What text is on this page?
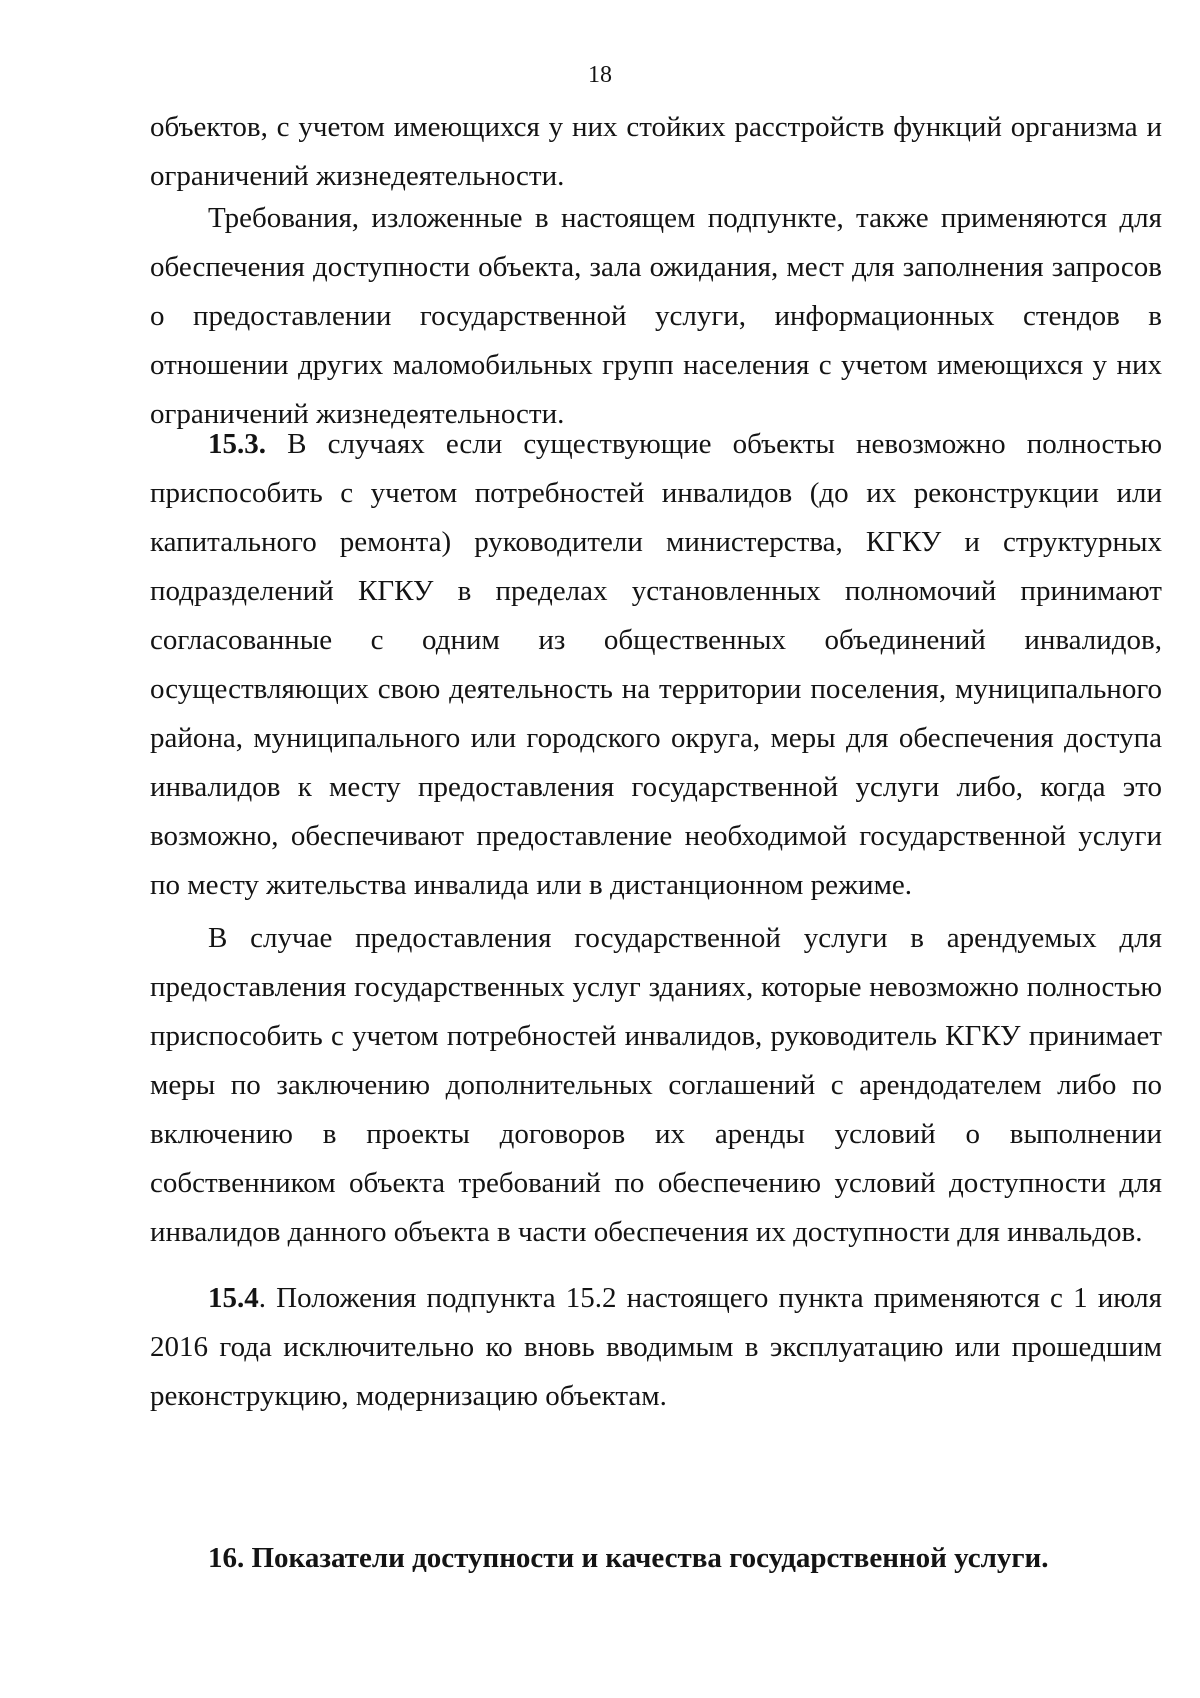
18

объектов, с учетом имеющихся у них стойких расстройств функций организма и ограничений жизнедеятельности.

Требования, изложенные в настоящем подпункте, также применяются для обеспечения доступности объекта, зала ожидания, мест для заполнения запросов о предоставлении государственной услуги, информационных стендов в отношении других маломобильных групп населения с учетом имеющихся у них ограничений жизнедеятельности.

15.3. В случаях если существующие объекты невозможно полностью приспособить с учетом потребностей инвалидов (до их реконструкции или капитального ремонта) руководители министерства, КГКУ и структурных подразделений КГКУ в пределах установленных полномочий принимают согласованные с одним из общественных объединений инвалидов, осуществляющих свою деятельность на территории поселения, муниципального района, муниципального или городского округа, меры для обеспечения доступа инвалидов к месту предоставления государственной услуги либо, когда это возможно, обеспечивают предоставление необходимой государственной услуги по месту жительства инвалида или в дистанционном режиме.

В случае предоставления государственной услуги в арендуемых для предоставления государственных услуг зданиях, которые невозможно полностью приспособить с учетом потребностей инвалидов, руководитель КГКУ принимает меры по заключению дополнительных соглашений с арендодателем либо по включению в проекты договоров их аренды условий о выполнении собственником объекта требований по обеспечению условий доступности для инвалидов данного объекта в части обеспечения их доступности для инвальдов.

15.4. Положения подпункта 15.2 настоящего пункта применяются с 1 июля 2016 года исключительно ко вновь вводимым в эксплуатацию или прошедшим реконструкцию, модернизацию объектам.

16. Показатели доступности и качества государственной услуги.
